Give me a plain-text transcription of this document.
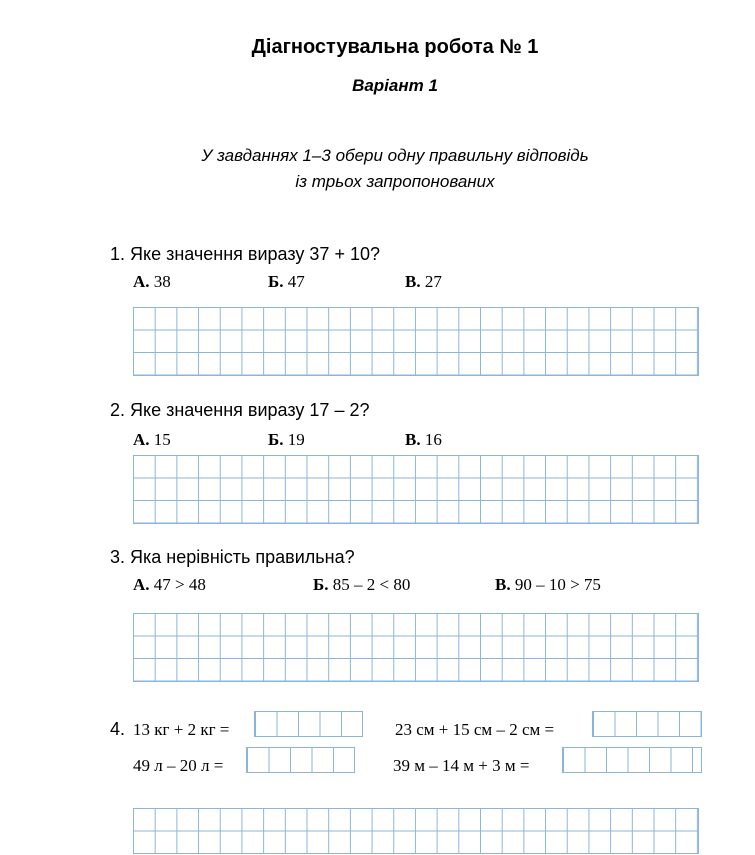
Діагностувальна робота № 1
Варіант 1
У завданнях 1–3 обери одну правильну відповідь
із трьох запропонованих
1. Яке значення виразу 37 + 10?
А. 38	Б. 47	В. 27
2. Яке значення виразу 17 – 2?
А. 15	Б. 19	В. 16
3. Яка нерівність правильна?
А. 47 > 48	Б. 85 – 2 < 80	В. 90 – 10 > 75
4. 13 кг + 2 кг =	23 см + 15 см – 2 см =
49 л – 20 л =	39 м – 14 м + 3 м =
